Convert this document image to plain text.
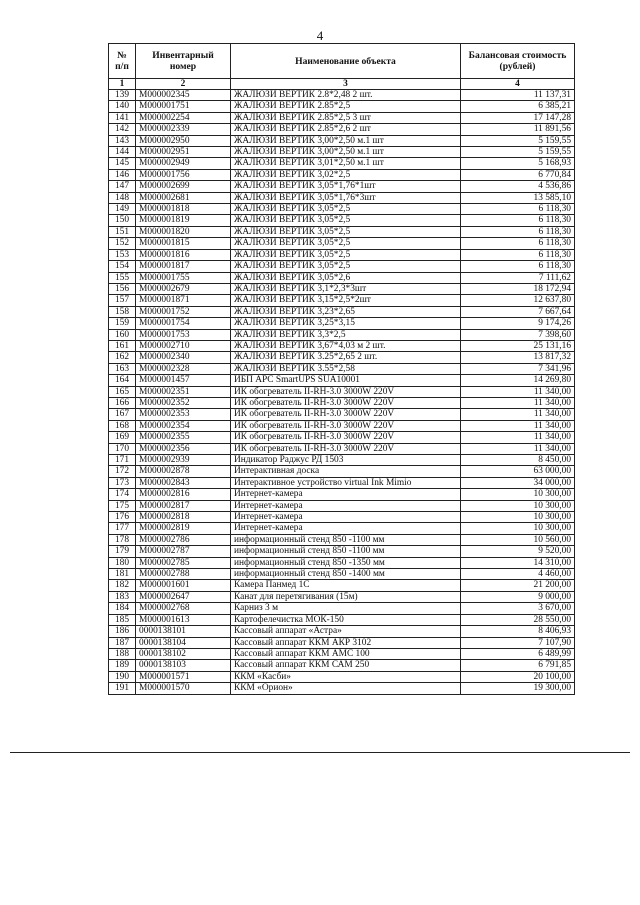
4
№ п/п	Инвентарный номер	Наименование объекта	Балансовая стоимость (рублей)
1	2	3	4
139	М000002345	ЖАЛЮЗИ ВЕРТИК 2.8*2,48 2 шт.	11 137,31
140	М000001751	ЖАЛЮЗИ ВЕРТИК 2.85*2,5	6 385,21
141	М000002254	ЖАЛЮЗИ ВЕРТИК 2.85*2,5 3 шт	17 147,28
142	М000002339	ЖАЛЮЗИ ВЕРТИК 2.85*2,6 2 шт	11 891,56
143	М000002950	ЖАЛЮЗИ ВЕРТИК 3,00*2,50 м.1 шт	5 159,55
144	М000002951	ЖАЛЮЗИ ВЕРТИК 3,00*2,50 м.1 шт	5 159,55
145	М000002949	ЖАЛЮЗИ ВЕРТИК 3,01*2,50 м.1 шт	5 168,93
146	М000001756	ЖАЛЮЗИ ВЕРТИК 3,02*2,5	6 770,84
147	М000002699	ЖАЛЮЗИ ВЕРТИК 3,05*1,76*1шт	4 536,86
148	М000002681	ЖАЛЮЗИ ВЕРТИК 3,05*1,76*3шт	13 585,10
149	М000001818	ЖАЛЮЗИ ВЕРТИК 3,05*2,5	6 118,30
150	М000001819	ЖАЛЮЗИ ВЕРТИК 3,05*2,5	6 118,30
151	М000001820	ЖАЛЮЗИ ВЕРТИК 3,05*2,5	6 118,30
152	М000001815	ЖАЛЮЗИ ВЕРТИК 3,05*2,5	6 118,30
153	М000001816	ЖАЛЮЗИ ВЕРТИК 3,05*2,5	6 118,30
154	М000001817	ЖАЛЮЗИ ВЕРТИК 3,05*2,5	6 118,30
155	М000001755	ЖАЛЮЗИ ВЕРТИК 3,05*2,6	7 111,62
156	М000002679	ЖАЛЮЗИ ВЕРТИК 3,1*2,3*3шт	18 172,94
157	М000001871	ЖАЛЮЗИ ВЕРТИК 3,15*2,5*2шт	12 637,80
158	М000001752	ЖАЛЮЗИ ВЕРТИК 3,23*2,65	7 667,64
159	М000001754	ЖАЛЮЗИ ВЕРТИК 3,25*3,15	9 174,26
160	М000001753	ЖАЛЮЗИ ВЕРТИК 3,3*2,5	7 398,60
161	М000002710	ЖАЛЮЗИ ВЕРТИК 3,67*4,03 м 2 шт.	25 131,16
162	М000002340	ЖАЛЮЗИ ВЕРТИК 3.25*2,65 2 шт.	13 817,32
163	М000002328	ЖАЛЮЗИ ВЕРТИК 3.55*2,58	7 341,96
164	М000001457	ИБП APC SmartUPS SUA10001	14 269,80
165	М000002351	ИК обогреватель II-RH-3.0 3000W 220V	11 340,00
166	М000002352	ИК обогреватель II-RH-3.0 3000W 220V	11 340,00
167	М000002353	ИК обогреватель II-RH-3.0 3000W 220V	11 340,00
168	М000002354	ИК обогреватель II-RH-3.0 3000W 220V	11 340,00
169	М000002355	ИК обогреватель II-RH-3.0 3000W 220V	11 340,00
170	М000002356	ИК обогреватель II-RH-3.0 3000W 220V	11 340,00
171	М000002939	Индикатор Раджус РД 1503	8 450,00
172	М000002878	Интерактивная доска	63 000,00
173	М000002843	Интерактивное устройство virtual Ink Mimio	34 000,00
174	М000002816	Интернет-камера	10 300,00
175	М000002817	Интернет-камера	10 300,00
176	М000002818	Интернет-камера	10 300,00
177	М000002819	Интернет-камера	10 300,00
178	М000002786	информационный стенд 850 -1100 мм	10 560,00
179	М000002787	информационный стенд 850 -1100 мм	9 520,00
180	М000002785	информационный стенд 850 -1350 мм	14 310,00
181	М000002788	информационный стенд 850 -1400 мм	4 460,00
182	М000001601	Камера Панмед 1С	21 200,00
183	М000002647	Канат для перетягивания (15м)	9 000,00
184	М000002768	Карниз 3 м	3 670,00
185	М000001613	Картофелечистка МОК-150	28 550,00
186	0000138101	Кассовый аппарат «Астра»	8 406,93
187	0000138104	Кассовый аппарат ККМ АКР 3102	7 107,90
188	0000138102	Кассовый аппарат ККМ АМС 100	6 489,99
189	0000138103	Кассовый аппарат ККМ САМ 250	6 791,85
190	М000001571	ККМ «Касби»	20 100,00
191	М000001570	ККМ «Орион»	19 300,00
